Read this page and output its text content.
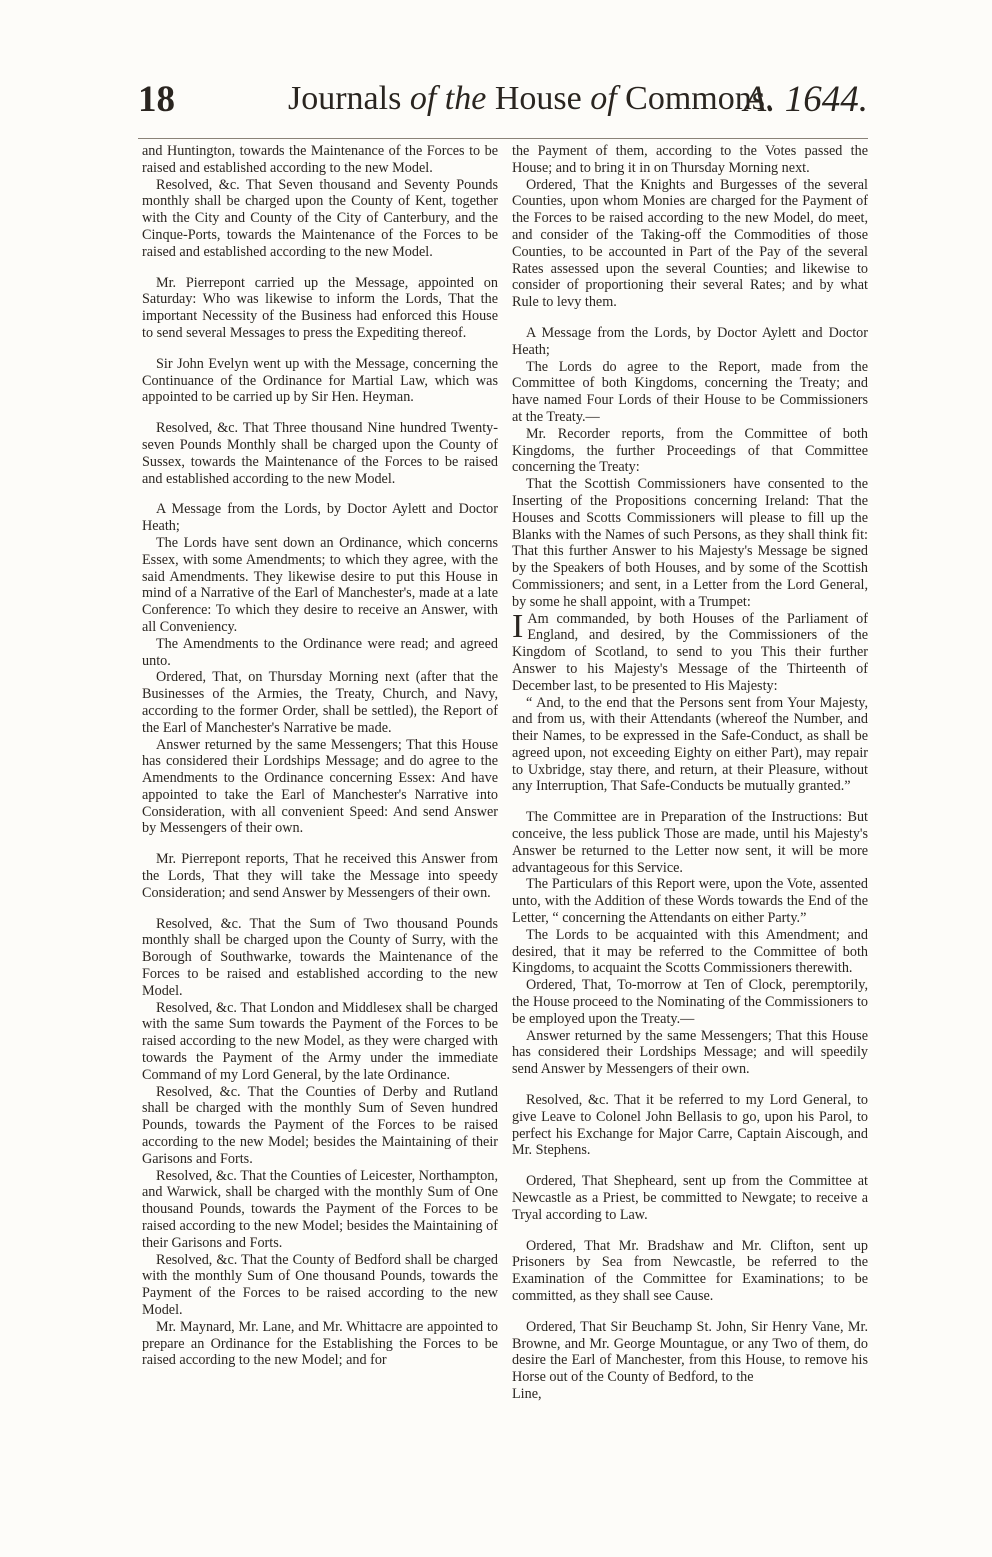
18	Journals of the House of Commons.
A. 1644.

and Huntington, towards the Maintenance of the Forces to be raised and established according to the new Model.

Resolved, &c. That Seven thousand and Seventy Pounds monthly shall be charged upon the County of Kent, together with the City and County of the City of Canterbury, and the Cinque-Ports, towards the Maintenance of the Forces to be raised and established according to the new Model.

Mr. Pierrepont carried up the Message, appointed on Saturday: Who was likewise to inform the Lords, That the important Necessity of the Business had enforced this House to send several Messages to press the Expediting thereof.

Sir John Evelyn went up with the Message, concerning the Continuance of the Ordinance for Martial Law, which was appointed to be carried up by Sir Hen. Heyman.

Resolved, &c. That Three thousand Nine hundred Twenty-seven Pounds Monthly shall be charged upon the County of Sussex, towards the Maintenance of the Forces to be raised and established according to the new Model.

A Message from the Lords, by Doctor Aylett and Doctor Heath;

The Lords have sent down an Ordinance, which concerns Essex, with some Amendments; to which they agree, with the said Amendments. They likewise desire to put this House in mind of a Narrative of the Earl of Manchester's, made at a late Conference: To which they desire to receive an Answer, with all Conveniency.

The Amendments to the Ordinance were read; and agreed unto.

Ordered, That, on Thursday Morning next (after that the Businesses of the Armies, the Treaty, Church, and Navy, according to the former Order, shall be settled), the Report of the Earl of Manchester's Narrative be made.

Answer returned by the same Messengers; That this House has considered their Lordships Message; and do agree to the Amendments to the Ordinance concerning Essex: And have appointed to take the Earl of Manchester's Narrative into Consideration, with all convenient Speed: And send Answer by Messengers of their own.

Mr. Pierrepont reports, That he received this Answer from the Lords, That they will take the Message into speedy Consideration; and send Answer by Messengers of their own.

Resolved, &c. That the Sum of Two thousand Pounds monthly shall be charged upon the County of Surry, with the Borough of Southwarke, towards the Maintenance of the Forces to be raised and established according to the new Model.

Resolved, &c. That London and Middlesex shall be charged with the same Sum towards the Payment of the Forces to be raised according to the new Model, as they were charged with towards the Payment of the Army under the immediate Command of my Lord General, by the late Ordinance.

Resolved, &c. That the Counties of Derby and Rutland shall be charged with the monthly Sum of Seven hundred Pounds, towards the Payment of the Forces to be raised according to the new Model; besides the Maintaining of their Garisons and Forts.

Resolved, &c. That the Counties of Leicester, Northampton, and Warwick, shall be charged with the monthly Sum of One thousand Pounds, towards the Payment of the Forces to be raised according to the new Model; besides the Maintaining of their Garisons and Forts.

Resolved, &c. That the County of Bedford shall be charged with the monthly Sum of One thousand Pounds, towards the Payment of the Forces to be raised according to the new Model.

Mr. Maynard, Mr. Lane, and Mr. Whittacre are appointed to prepare an Ordinance for the Establishing the Forces to be raised according to the new Model; and for

the Payment of them, according to the Votes passed the House; and to bring it in on Thursday Morning next.

Ordered, That the Knights and Burgesses of the several Counties, upon whom Monies are charged for the Payment of the Forces to be raised according to the new Model, do meet, and consider of the Taking-off the Commodities of those Counties, to be accounted in Part of the Pay of the several Rates assessed upon the several Counties; and likewise to consider of proportioning their several Rates; and by what Rule to levy them.

A Message from the Lords, by Doctor Aylett and Doctor Heath;

The Lords do agree to the Report, made from the Committee of both Kingdoms, concerning the Treaty; and have named Four Lords of their House to be Commissioners at the Treaty.—

Mr. Recorder reports, from the Committee of both Kingdoms, the further Proceedings of that Committee concerning the Treaty:

That the Scottish Commissioners have consented to the Inserting of the Propositions concerning Ireland: That the Houses and Scotts Commissioners will please to fill up the Blanks with the Names of such Persons, as they shall think fit: That this further Answer to his Majesty's Message be signed by the Speakers of both Houses, and by some of the Scottish Commissioners; and sent, in a Letter from the Lord General, by some he shall appoint, with a Trumpet:

I Am commanded, by both Houses of the Parliament of England, and desired, by the Commissioners of the Kingdom of Scotland, to send to you This their further Answer to his Majesty's Message of the Thirteenth of December last, to be presented to His Majesty:

“ And, to the end that the Persons sent from Your Majesty, and from us, with their Attendants (whereof the Number, and their Names, to be expressed in the Safe-Conduct, as shall be agreed upon, not exceeding Eighty on either Part), may repair to Uxbridge, stay there, and return, at their Pleasure, without any Interruption, That Safe-Conducts be mutually granted.”

The Committee are in Preparation of the Instructions: But conceive, the less publick Those are made, until his Majesty's Answer be returned to the Letter now sent, it will be more advantageous for this Service.

The Particulars of this Report were, upon the Vote, assented unto, with the Addition of these Words towards the End of the Letter, “ concerning the Attendants on either Party.”

The Lords to be acquainted with this Amendment; and desired, that it may be referred to the Committee of both Kingdoms, to acquaint the Scotts Commissioners therewith.

Ordered, That, To-morrow at Ten of Clock, peremptorily, the House proceed to the Nominating of the Commissioners to be employed upon the Treaty.—

Answer returned by the same Messengers; That this House has considered their Lordships Message; and will speedily send Answer by Messengers of their own.

Resolved, &c. That it be referred to my Lord General, to give Leave to Colonel John Bellasis to go, upon his Parol, to perfect his Exchange for Major Carre, Captain Aiscough, and Mr. Stephens.

Ordered, That Shepheard, sent up from the Committee at Newcastle as a Priest, be committed to Newgate; to receive a Tryal according to Law.

Ordered, That Mr. Bradshaw and Mr. Clifton, sent up Prisoners by Sea from Newcastle, be referred to the Examination of the Committee for Examinations; to be committed, as they shall see Cause.

Ordered, That Sir Beuchamp St. John, Sir Henry Vane, Mr. Browne, and Mr. George Mountague, or any Two of them, do desire the Earl of Manchester, from this House, to remove his Horse out of the County of Bedford, to the

Line,
